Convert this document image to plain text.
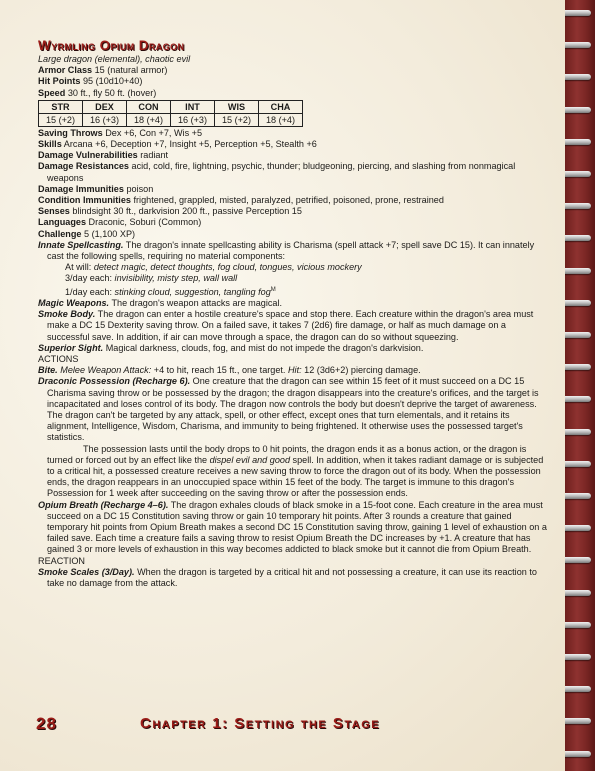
Wyrmling Opium Dragon
Large dragon (elemental), chaotic evil
Armor Class 15 (natural armor)
Hit Points 95 (10d10+40)
Speed 30 ft., fly 50 ft. (hover)
STR	DEX	CON	INT	WIS	CHA
15 (+2)	16 (+3)	18 (+4)	16 (+3)	15 (+2)	18 (+4)
Saving Throws Dex +6, Con +7, Wis +5
Skills Arcana +6, Deception +7, Insight +5, Perception +5, Stealth +6
Damage Vulnerabilities radiant
Damage Resistances acid, cold, fire, lightning, psychic, thunder; bludgeoning, piercing, and slashing from nonmagical weapons
Damage Immunities poison
Condition Immunities frightened, grappled, misted, paralyzed, petrified, poisoned, prone, restrained
Senses blindsight 30 ft., darkvision 200 ft., passive Perception 15
Languages Draconic, Soburi (Common)
Challenge 5 (1,100 XP)
Innate Spellcasting. The dragon's innate spellcasting ability is Charisma (spell attack +7; spell save DC 15). It can innately cast the following spells, requiring no material components:
At will: detect magic, detect thoughts, fog cloud, tongues, vicious mockery
3/day each: invisibility, misty step, wall wall
1/day each: stinking cloud, suggestion, tangling fog$^M$
Magic Weapons. The dragon's weapon attacks are magical.
Smoke Body. The dragon can enter a hostile creature's space and stop there. Each creature within the dragon's area must make a DC 15 Dexterity saving throw. On a failed save, it takes 7 (2d6) fire damage, or half as much damage on a successful save. In addition, if air can move through a space, the dragon can do so without squeezing.
Superior Sight. Magical darkness, clouds, fog, and mist do not impede the dragon's darkvision.
ACTIONS
Bite. Melee Weapon Attack: +4 to hit, reach 15 ft., one target. Hit: 12 (3d6+2) piercing damage.
Draconic Possession (Recharge 6). One creature that the dragon can see within 15 feet of it must succeed on a DC 15 Charisma saving throw or be possessed by the dragon; the dragon disappears into the creature's orifices, and the target is incapacitated and loses control of its body. The dragon now controls the body but doesn't deprive the target of awareness. The dragon can't be targeted by any attack, spell, or other effect, except ones that turn elementals, and it retains its alignment, Intelligence, Wisdom, Charisma, and immunity to being frightened. It otherwise uses the possessed target's statistics.
The possession lasts until the body drops to 0 hit points, the dragon ends it as a bonus action, or the dragon is turned or forced out by an effect like the dispel evil and good spell. In addition, when it takes radiant damage or is subjected to a critical hit, a possessed creature receives a new saving throw to force the dragon out of its body. When the possession ends, the dragon reappears in an unoccupied space within 15 feet of the body. The target is immune to this dragon's Possession for 1 week after succeeding on the saving throw or after the possession ends.
Opium Breath (Recharge 4–6). The dragon exhales clouds of black smoke in a 15-foot cone. Each creature in the area must succeed on a DC 15 Constitution saving throw or gain 10 temporary hit points. After 3 rounds a creature that gained temporary hit points from Opium Breath makes a second DC 15 Constitution saving throw, gaining 1 level of exhaustion on a failed save. Each time a creature fails a saving throw to resist Opium Breath the DC increases by +1. A creature that has gained 3 or more levels of exhaustion in this way becomes addicted to black smoke but it cannot die from Opium Breath.
REACTION
Smoke Scales (3/Day). When the dragon is targeted by a critical hit and not possessing a creature, it can use its reaction to take no damage from the attack.
28	Chapter 1: Setting the Stage
